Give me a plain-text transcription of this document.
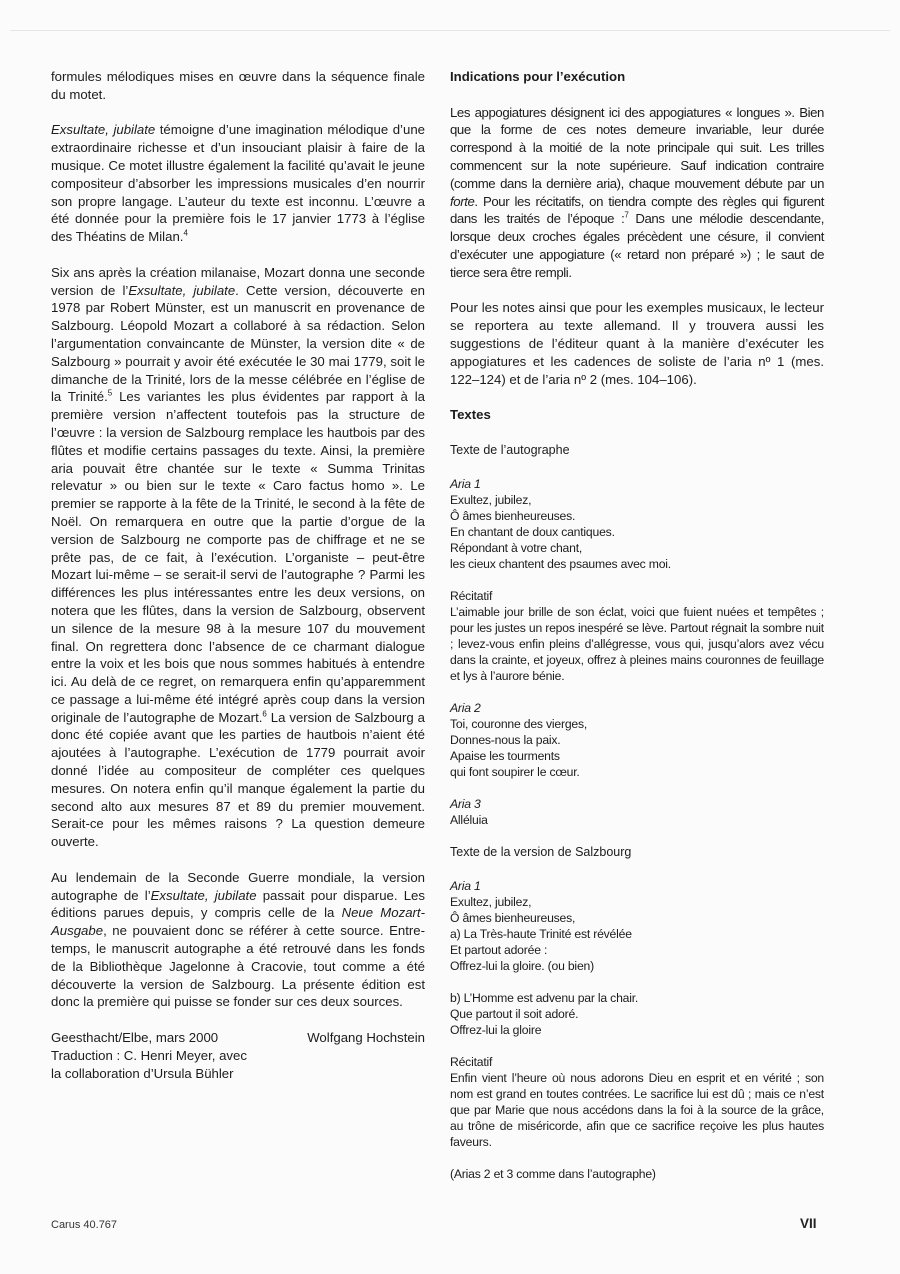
formules mélodiques mises en œuvre dans la séquence finale du motet.

Exsultate, jubilate témoigne d’une imagination mélodique d’une extraordinaire richesse et d’un insouciant plaisir à faire de la musique. Ce motet illustre également la facilité qu’avait le jeune compositeur d’absorber les impressions musicales d’en nourrir son propre langage. L’auteur du texte est inconnu. L’œuvre a été donnée pour la première fois le 17 janvier 1773 à l’église des Théatins de Milan.$^4$

Six ans après la création milanaise, Mozart donna une seconde version de l’Exsultate, jubilate. Cette version, découverte en 1978 par Robert Münster, est un manuscrit en provenance de Salzbourg. Léopold Mozart a collaboré à sa rédaction. Selon l’argumentation convaincante de Münster, la version dite « de Salzbourg » pourrait y avoir été exécutée le 30 mai 1779, soit le dimanche de la Trinité, lors de la messe célébrée en l’église de la Trinité.$^5$ Les variantes les plus évidentes par rapport à la première version n’affectent toutefois pas la structure de l’œuvre : la version de Salzbourg remplace les hautbois par des flûtes et modifie certains passages du texte. Ainsi, la première aria pouvait être chantée sur le texte « Summa Trinitas relevatur » ou bien sur le texte « Caro factus homo ». Le premier se rapporte à la fête de la Trinité, le second à la fête de Noël. On remarquera en outre que la partie d’orgue de la version de Salzbourg ne comporte pas de chiffrage et ne se prête pas, de ce fait, à l’exécution. L’organiste – peut-être Mozart lui-même – se serait-il servi de l’autographe ? Parmi les différences les plus intéressantes entre les deux versions, on notera que les flûtes, dans la version de Salzbourg, observent un silence de la mesure 98 à la mesure 107 du mouvement final. On regrettera donc l’absence de ce charmant dialogue entre la voix et les bois que nous sommes habitués à entendre ici. Au delà de ce regret, on remarquera enfin qu’apparemment ce passage a lui-même été intégré après coup dans la version originale de l’autographe de Mozart.$^6$ La version de Salzbourg a donc été copiée avant que les parties de hautbois n’aient été ajoutées à l’autographe. L’exécution de 1779 pourrait avoir donné l’idée au compositeur de compléter ces quelques mesures. On notera enfin qu’il manque également la partie du second alto aux mesures 87 et 89 du premier mouvement. Serait-ce pour les mêmes raisons ? La question demeure ouverte.

Au lendemain de la Seconde Guerre mondiale, la version autographe de l’Exsultate, jubilate passait pour disparue. Les éditions parues depuis, y compris celle de la Neue Mozart-Ausgabe, ne pouvaient donc se référer à cette source. Entre-temps, le manuscrit autographe a été retrouvé dans les fonds de la Bibliothèque Jagelonne à Cracovie, tout comme a été découverte la version de Salzbourg. La présente édition est donc la première qui puisse se fonder sur ces deux sources.

Geesthacht/Elbe, mars 2000	Wolfgang Hochstein
Traduction : C. Henri Meyer, avec
la collaboration d’Ursula Bühler
Indications pour l’exécution

Les appogiatures désignent ici des appogiatures « longues ». Bien que la forme de ces notes demeure invariable, leur durée correspond à la moitié de la note principale qui suit. Les trilles commencent sur la note supérieure. Sauf indication contraire (comme dans la dernière aria), chaque mouvement débute par un forte. Pour les récitatifs, on tiendra compte des règles qui figurent dans les traités de l’époque :$^7$ Dans une mélodie descendante, lorsque deux croches égales précèdent une césure, il convient d’exécuter une appogiature (« retard non préparé ») ; le saut de tierce sera être rempli.

Pour les notes ainsi que pour les exemples musicaux, le lecteur se reportera au texte allemand. Il y trouvera aussi les suggestions de l’éditeur quant à la manière d’exécuter les appogiatures et les cadences de soliste de l’aria nº 1 (mes. 122–124) et de l’aria nº 2 (mes. 104–106).

Textes
Texte de l’autographe
Aria 1
Exultez, jubilez,
Ô âmes bienheureuses.
En chantant de doux cantiques.
Répondant à votre chant,
les cieux chantent des psaumes avec moi.
Récitatif
L’aimable jour brille de son éclat, voici que fuient nuées et tempêtes ; pour les justes un repos inespéré se lève. Partout régnait la sombre nuit ; levez-vous enfin pleins d’allégresse, vous qui, jusqu’alors avez vécu dans la crainte, et joyeux, offrez à pleines mains couronnes de feuillage et lys à l’aurore bénie.
Aria 2
Toi, couronne des vierges,
Donnes-nous la paix.
Apaise les tourments
qui font soupirer le cœur.
Aria 3
Alléluia
Texte de la version de Salzbourg
Aria 1
Exultez, jubilez,
Ô âmes bienheureuses,
a) La Très-haute Trinité est révélée
Et partout adorée :
Offrez-lui la gloire. (ou bien)
b) L’Homme est advenu par la chair.
Que partout il soit adoré.
Offrez-lui la gloire
Récitatif
Enfin vient l’heure où nous adorons Dieu en esprit et en vérité ; son nom est grand en toutes contrées. Le sacrifice lui est dû ; mais ce n’est que par Marie que nous accédons dans la foi à la source de la grâce, au trône de miséricorde, afin que ce sacrifice reçoive les plus hautes faveurs.
(Arias 2 et 3 comme dans l’autographe)
Carus 40.767	VII
